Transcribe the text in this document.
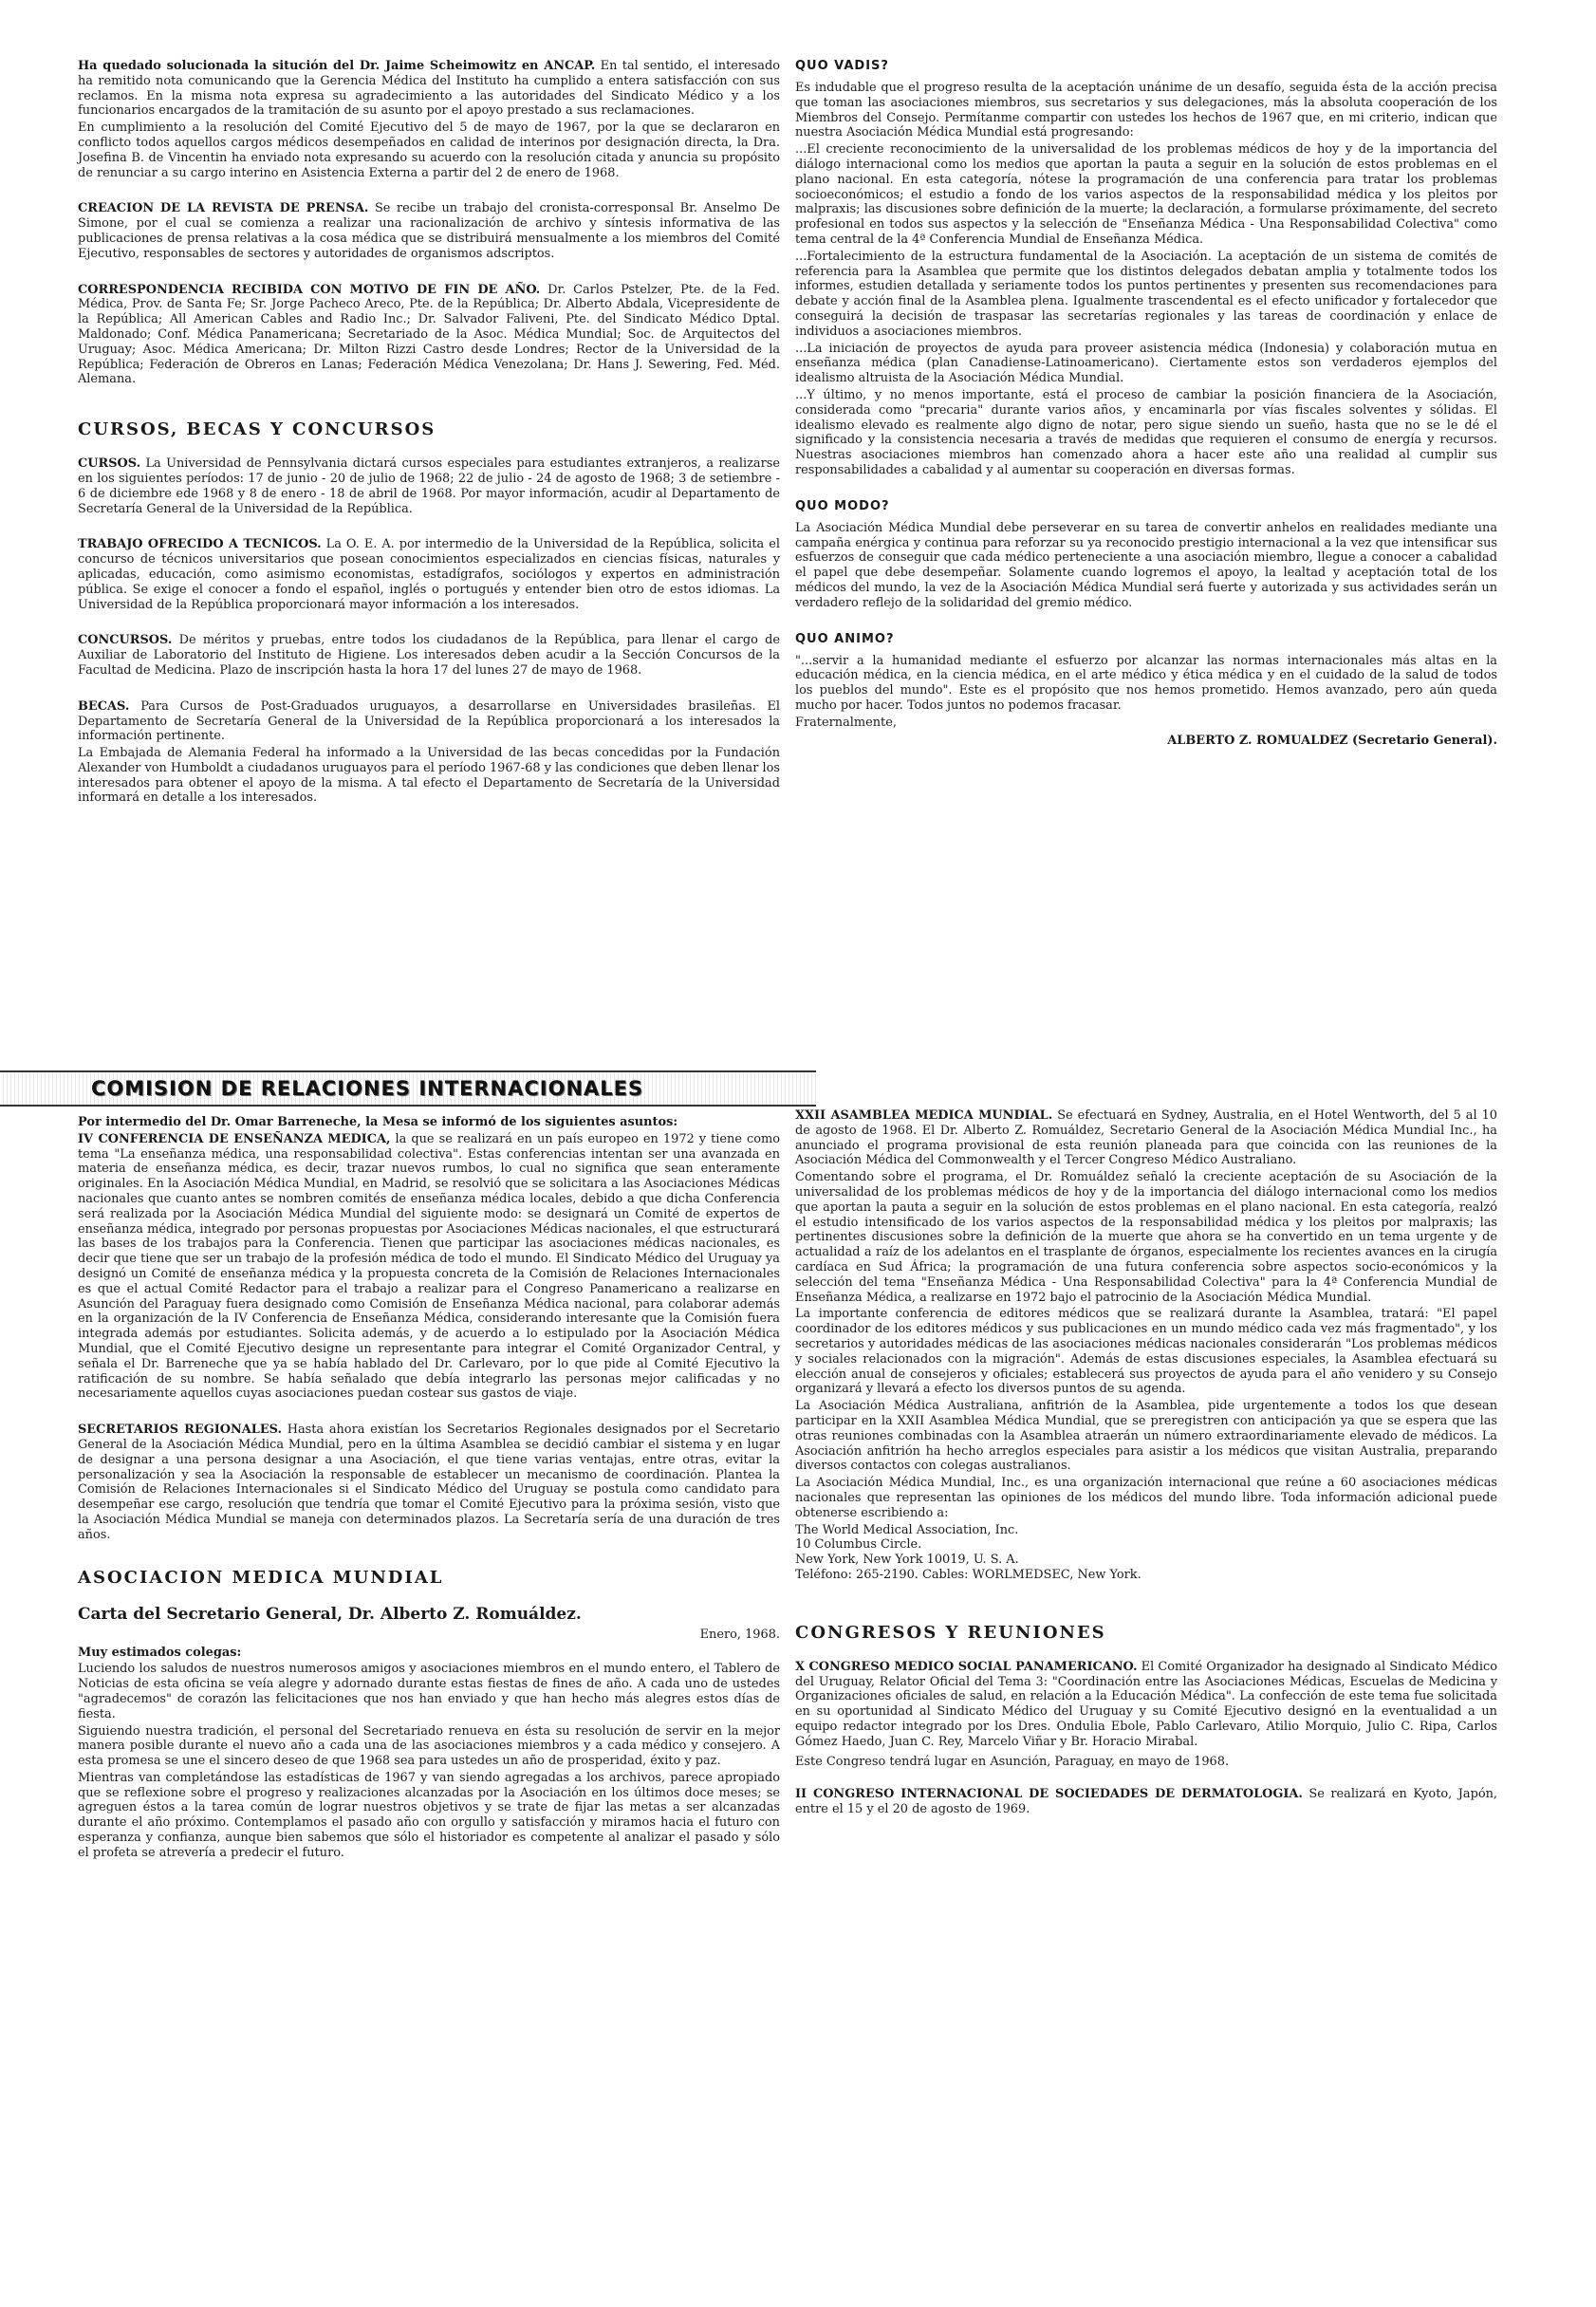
Ha quedado solucionada la situción del Dr. Jaime Scheimowitz en ANCAP. En tal sentido, el interesado ha remitido nota comunicando que la Gerencia Médica del Instituto ha cumplido a entera satisfacción con sus reclamos. En la misma nota expresa su agradecimiento a las autoridades del Sindicato Médico y a los funcionarios encargados de la tramitación de su asunto por el apoyo prestado a sus reclamaciones.

En cumplimiento a la resolución del Comité Ejecutivo del 5 de mayo de 1967, por la que se declararon en conflicto todos aquellos cargos médicos desempeñados en calidad de interinos por designación directa, la Dra. Josefina B. de Vincentin ha enviado nota expresando su acuerdo con la resolución citada y anuncia su propósito de renunciar a su cargo interino en Asistencia Externa a partir del 2 de enero de 1968.

CREACION DE LA REVISTA DE PRENSA. Se recibe un trabajo del cronista-corresponsal Br. Anselmo De Simone, por el cual se comienza a realizar una racionalización de archivo y síntesis informativa de las publicaciones de prensa relativas a la cosa médica que se distribuirá mensualmente a los miembros del Comité Ejecutivo, responsables de sectores y autoridades de organismos adscriptos.

CORRESPONDENCIA RECIBIDA CON MOTIVO DE FIN DE AÑO. Dr. Carlos Pstelzer, Pte. de la Fed. Médica, Prov. de Santa Fe; Sr. Jorge Pacheco Areco, Pte. de la República; Dr. Alberto Abdala, Vicepresidente de la República; All American Cables and Radio Inc.; Dr. Salvador Faliveni, Pte. del Sindicato Médico Dptal. Maldonado; Conf. Médica Panamericana; Secretariado de la Asoc. Médica Mundial; Soc. de Arquitectos del Uruguay; Asoc. Médica Americana; Dr. Milton Rizzi Castro desde Londres; Rector de la Universidad de la República; Federación de Obreros en Lanas; Federación Médica Venezolana; Dr. Hans J. Sewering, Fed. Méd. Alemana.

CURSOS, BECAS Y CONCURSOS

CURSOS. La Universidad de Pennsylvania dictará cursos especiales para estudiantes extranjeros, a realizarse en los siguientes períodos: 17 de junio - 20 de julio de 1968; 22 de julio - 24 de agosto de 1968; 3 de setiembre - 6 de diciembre ede 1968 y 8 de enero - 18 de abril de 1968. Por mayor información, acudir al Departamento de Secretaría General de la Universidad de la República.

TRABAJO OFRECIDO A TECNICOS. La O. E. A. por intermedio de la Universidad de la República, solicita el concurso de técnicos universitarios que posean conocimientos especializados en ciencias físicas, naturales y aplicadas, educación, como asimismo economistas, estadígrafos, sociólogos y expertos en administración pública. Se exige el conocer a fondo el español, inglés o portugués y entender bien otro de estos idiomas. La Universidad de la República proporcionará mayor información a los interesados.

CONCURSOS. De méritos y pruebas, entre todos los ciudadanos de la República, para llenar el cargo de Auxiliar de Laboratorio del Instituto de Higiene. Los interesados deben acudir a la Sección Concursos de la Facultad de Medicina. Plazo de inscripción hasta la hora 17 del lunes 27 de mayo de 1968.

BECAS. Para Cursos de Post-Graduados uruguayos, a desarrollarse en Universidades brasileñas. El Departamento de Secretaría General de la Universidad de la República proporcionará a los interesados la información pertinente.

La Embajada de Alemania Federal ha informado a la Universidad de las becas concedidas por la Fundación Alexander von Humboldt a ciudadanos uruguayos para el período 1967-68 y las condiciones que deben llenar los interesados para obtener el apoyo de la misma. A tal efecto el Departamento de Secretaría de la Universidad informará en detalle a los interesados.

COMISION DE RELACIONES INTERNACIONALES

Por intermedio del Dr. Omar Barreneche, la Mesa se informó de los siguientes asuntos:

IV CONFERENCIA DE ENSEÑANZA MEDICA, la que se realizará en un país europeo en 1972 y tiene como tema "La enseñanza médica, una responsabilidad colectiva". Estas conferencias intentan ser una avanzada en materia de enseñanza médica, es decir, trazar nuevos rumbos, lo cual no significa que sean enteramente originales. En la Asociación Médica Mundial, en Madrid, se resolvió que se solicitara a las Asociaciones Médicas nacionales que cuanto antes se nombren comités de enseñanza médica locales, debido a que dicha Conferencia será realizada por la Asociación Médica Mundial del siguiente modo: se designará un Comité de expertos de enseñanza médica, integrado por personas propuestas por Asociaciones Médicas nacionales, el que estructurará las bases de los trabajos para la Conferencia. Tienen que participar las asociaciones médicas nacionales, es decir que tiene que ser un trabajo de la profesión médica de todo el mundo. El Sindicato Médico del Uruguay ya designó un Comité de enseñanza médica y la propuesta concreta de la Comisión de Relaciones Internacionales es que el actual Comité Redactor para el trabajo a realizar para el Congreso Panamericano a realizarse en Asunción del Paraguay fuera designado como Comisión de Enseñanza Médica nacional, para colaborar además en la organización de la IV Conferencia de Enseñanza Médica, considerando interesante que la Comisión fuera integrada además por estudiantes. Solicita además, y de acuerdo a lo estipulado por la Asociación Médica Mundial, que el Comité Ejecutivo designe un representante para integrar el Comité Organizador Central, y señala el Dr. Barreneche que ya se había hablado del Dr. Carlevaro, por lo que pide al Comité Ejecutivo la ratificación de su nombre. Se había señalado que debía integrarlo las personas mejor calificadas y no necesariamente aquellos cuyas asociaciones puedan costear sus gastos de viaje.

SECRETARIOS REGIONALES. Hasta ahora existían los Secretarios Regionales designados por el Secretario General de la Asociación Médica Mundial, pero en la última Asamblea se decidió cambiar el sistema y en lugar de designar a una persona designar a una Asociación, el que tiene varias ventajas, entre otras, evitar la personalización y sea la Asociación la responsable de establecer un mecanismo de coordinación. Plantea la Comisión de Relaciones Internacionales si el Sindicato Médico del Uruguay se postula como candidato para desempeñar ese cargo, resolución que tendría que tomar el Comité Ejecutivo para la próxima sesión, visto que la Asociación Médica Mundial se maneja con determinados plazos. La Secretaría sería de una duración de tres años.

ASOCIACION MEDICA MUNDIAL
Carta del Secretario General, Dr. Alberto Z. Romuáldez.
Enero, 1968.

Muy estimados colegas:

Luciendo los saludos de nuestros numerosos amigos y asociaciones miembros en el mundo entero, el Tablero de Noticias de esta oficina se veía alegre y adornado durante estas fiestas de fines de año. A cada uno de ustedes "agradecemos" de corazón las felicitaciones que nos han enviado y que han hecho más alegres estos días de fiesta.

Siguiendo nuestra tradición, el personal del Secretariado renueva en ésta su resolución de servir en la mejor manera posible durante el nuevo año a cada una de las asociaciones miembros y a cada médico y consejero. A esta promesa se une el sincero deseo de que 1968 sea para ustedes un año de prosperidad, éxito y paz.

Mientras van completándose las estadísticas de 1967 y van siendo agregadas a los archivos, parece apropiado que se reflexione sobre el progreso y realizaciones alcanzadas por la Asociación en los últimos doce meses; se agreguen éstos a la tarea común de lograr nuestros objetivos y se trate de fijar las metas a ser alcanzadas durante el año próximo. Contemplamos el pasado año con orgullo y satisfacción y miramos hacia el futuro con esperanza y confianza, aunque bien sabemos que sólo el historiador es competente al analizar el pasado y sólo el profeta se atrevería a predecir el futuro.

QUO VADIS?

Es indudable que el progreso resulta de la aceptación unánime de un desafío, seguida ésta de la acción precisa que toman las asociaciones miembros, sus secretarios y sus delegaciones, más la absoluta cooperación de los Miembros del Consejo. Permítanme compartir con ustedes los hechos de 1967 que, en mi criterio, indican que nuestra Asociación Médica Mundial está progresando:

...El creciente reconocimiento de la universalidad de los problemas médicos de hoy y de la importancia del diálogo internacional como los medios que aportan la pauta a seguir en la solución de estos problemas en el plano nacional. En esta categoría, nótese la programación de una conferencia para tratar los problemas socioeconómicos; el estudio a fondo de los varios aspectos de la responsabilidad médica y los pleitos por malpraxis; las discusiones sobre definición de la muerte; la declaración, a formularse próximamente, del secreto profesional en todos sus aspectos y la selección de "Enseñanza Médica - Una Responsabilidad Colectiva" como tema central de la 4ª Conferencia Mundial de Enseñanza Médica.

...Fortalecimiento de la estructura fundamental de la Asociación. La aceptación de un sistema de comités de referencia para la Asamblea que permite que los distintos delegados debatan amplia y totalmente todos los informes, estudien detallada y seriamente todos los puntos pertinentes y presenten sus recomendaciones para debate y acción final de la Asamblea plena. Igualmente trascendental es el efecto unificador y fortalecedor que conseguirá la decisión de traspasar las secretarías regionales y las tareas de coordinación y enlace de individuos a asociaciones miembros.

...La iniciación de proyectos de ayuda para proveer asistencia médica (Indonesia) y colaboración mutua en enseñanza médica (plan Canadiense-Latinoamericano). Ciertamente estos son verdaderos ejemplos del idealismo altruista de la Asociación Médica Mundial.

...Y último, y no menos importante, está el proceso de cambiar la posición financiera de la Asociación, considerada como "precaria" durante varios años, y encaminarla por vías fiscales solventes y sólidas. El idealismo elevado es realmente algo digno de notar, pero sigue siendo un sueño, hasta que no se le dé el significado y la consistencia necesaria a través de medidas que requieren el consumo de energía y recursos. Nuestras asociaciones miembros han comenzado ahora a hacer este año una realidad al cumplir sus responsabilidades a cabalidad y al aumentar su cooperación en diversas formas.

QUO MODO?

La Asociación Médica Mundial debe perseverar en su tarea de convertir anhelos en realidades mediante una campaña enérgica y continua para reforzar su ya reconocido prestigio internacional a la vez que intensificar sus esfuerzos de conseguir que cada médico perteneciente a una asociación miembro, llegue a conocer a cabalidad el papel que debe desempeñar. Solamente cuando logremos el apoyo, la lealtad y aceptación total de los médicos del mundo, la vez de la Asociación Médica Mundial será fuerte y autorizada y sus actividades serán un verdadero reflejo de la solidaridad del gremio médico.

QUO ANIMO?

"...servir a la humanidad mediante el esfuerzo por alcanzar las normas internacionales más altas en la educación médica, en la ciencia médica, en el arte médico y ética médica y en el cuidado de la salud de todos los pueblos del mundo". Este es el propósito que nos hemos prometido. Hemos avanzado, pero aún queda mucho por hacer. Todos juntos no podemos fracasar.

Fraternalmente,

ALBERTO Z. ROMUALDEZ (Secretario General).

XXII ASAMBLEA MEDICA MUNDIAL. Se efectuará en Sydney, Australia, en el Hotel Wentworth, del 5 al 10 de agosto de 1968. El Dr. Alberto Z. Romuáldez, Secretario General de la Asociación Médica Mundial Inc., ha anunciado el programa provisional de esta reunión planeada para que coincida con las reuniones de la Asociación Médica del Commonwealth y el Tercer Congreso Médico Australiano.

Comentando sobre el programa, el Dr. Romuáldez señaló la creciente aceptación de su Asociación de la universalidad de los problemas médicos de hoy y de la importancia del diálogo internacional como los medios que aportan la pauta a seguir en la solución de estos problemas en el plano nacional. En esta categoría, realzó el estudio intensificado de los varios aspectos de la responsabilidad médica y los pleitos por malpraxis; las pertinentes discusiones sobre la definición de la muerte que ahora se ha convertido en un tema urgente y de actualidad a raíz de los adelantos en el trasplante de órganos, especialmente los recientes avances en la cirugía cardíaca en Sud África; la programación de una futura conferencia sobre aspectos socio-económicos y la selección del tema "Enseñanza Médica - Una Responsabilidad Colectiva" para la 4ª Conferencia Mundial de Enseñanza Médica, a realizarse en 1972 bajo el patrocinio de la Asociación Médica Mundial.

La importante conferencia de editores médicos que se realizará durante la Asamblea, tratará: "El papel coordinador de los editores médicos y sus publicaciones en un mundo médico cada vez más fragmentado", y los secretarios y autoridades médicas de las asociaciones médicas nacionales considerarán "Los problemas médicos y sociales relacionados con la migración". Además de estas discusiones especiales, la Asamblea efectuará su elección anual de consejeros y oficiales; establecerá sus proyectos de ayuda para el año venidero y su Consejo organizará y llevará a efecto los diversos puntos de su agenda.

La Asociación Médica Australiana, anfitrión de la Asamblea, pide urgentemente a todos los que desean participar en la XXII Asamblea Médica Mundial, que se preregistren con anticipación ya que se espera que las otras reuniones combinadas con la Asamblea atraerán un número extraordinariamente elevado de médicos. La Asociación anfitrión ha hecho arreglos especiales para asistir a los médicos que visitan Australia, preparando diversos contactos con colegas australianos.

La Asociación Médica Mundial, Inc., es una organización internacional que reúne a 60 asociaciones médicas nacionales que representan las opiniones de los médicos del mundo libre. Toda información adicional puede obtenerse escribiendo a:

The World Medical Association, Inc.

10 Columbus Circle.

New York, New York 10019, U. S. A.

Teléfono: 265-2190. Cables: WORLMEDSEC, New York.

CONGRESOS Y REUNIONES

X CONGRESO MEDICO SOCIAL PANAMERICANO. El Comité Organizador ha designado al Sindicato Médico del Uruguay, Relator Oficial del Tema 3: "Coordinación entre las Asociaciones Médicas, Escuelas de Medicina y Organizaciones oficiales de salud, en relación a la Educación Médica". La confección de este tema fue solicitada en su oportunidad al Sindicato Médico del Uruguay y su Comité Ejecutivo designó en la eventualidad a un equipo redactor integrado por los Dres. Ondulia Ebole, Pablo Carlevaro, Atilio Morquio, Julio C. Ripa, Carlos Gómez Haedo, Juan C. Rey, Marcelo Viñar y Br. Horacio Mirabal.

Este Congreso tendrá lugar en Asunción, Paraguay, en mayo de 1968.

II CONGRESO INTERNACIONAL DE SOCIEDADES DE DERMATOLOGIA. Se realizará en Kyoto, Japón, entre el 15 y el 20 de agosto de 1969.
